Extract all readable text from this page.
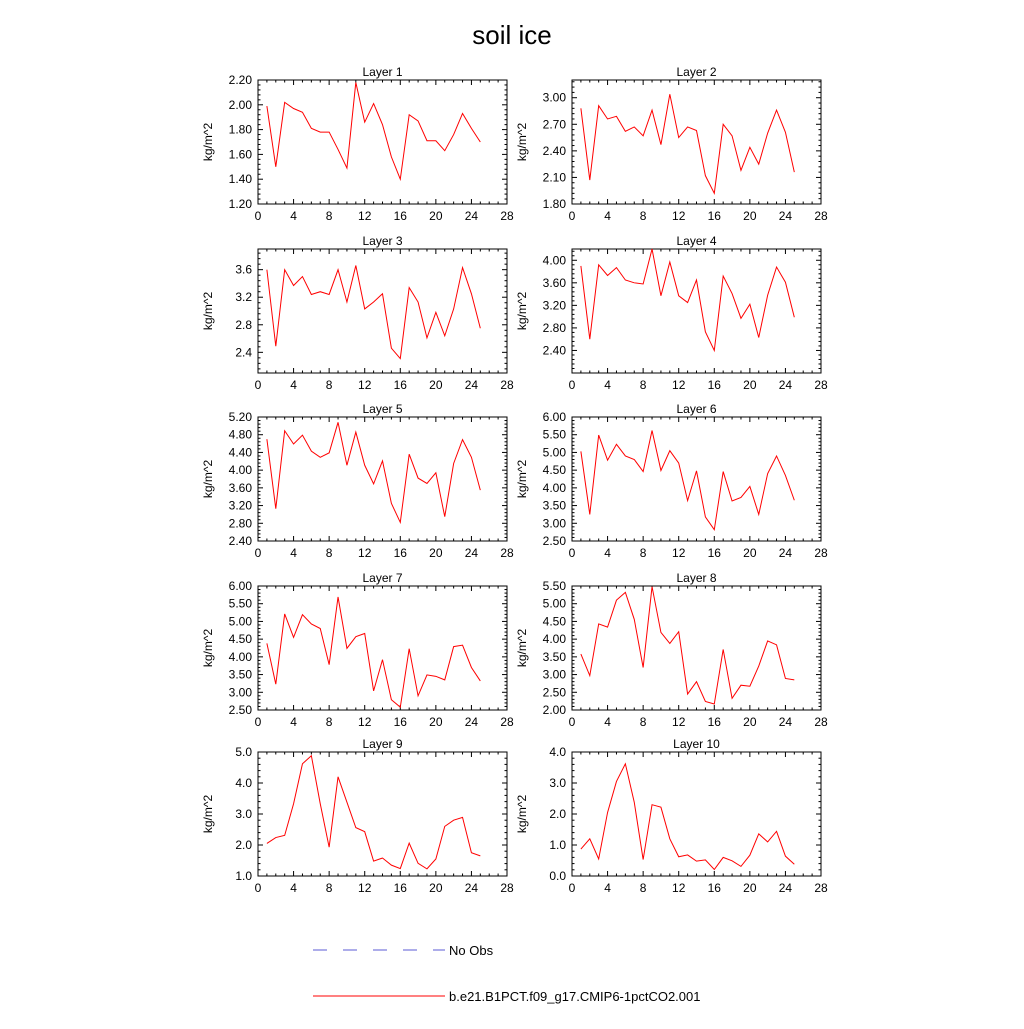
soil ice
Layer 1
kg/m^2
0 4 8 12 16 20 24 28
1.20
1.40
1.60
1.80
2.00
2.20
Layer 2
kg/m^2
0 4 8 12 16 20 24 28
1.80
2.10
2.40
2.70
3.00
Layer 3
kg/m^2
0 4 8 12 16 20 24 28
2.4
2.8
3.2
3.6
Layer 4
kg/m^2
0 4 8 12 16 20 24 28
2.40
2.80
3.20
3.60
4.00
Layer 5
kg/m^2
0 4 8 12 16 20 24 28
2.40
2.80
3.20
3.60
4.00
4.40
4.80
5.20
Layer 6
kg/m^2
0 4 8 12 16 20 24 28
2.50
3.00
3.50
4.00
4.50
5.00
5.50
6.00
Layer 7
kg/m^2
0 4 8 12 16 20 24 28
2.50
3.00
3.50
4.00
4.50
5.00
5.50
6.00
Layer 8
kg/m^2
0 4 8 12 16 20 24 28
2.00
2.50
3.00
3.50
4.00
4.50
5.00
5.50
Layer 9
kg/m^2
0 4 8 12 16 20 24 28
1.0
2.0
3.0
4.0
5.0
Layer 10
kg/m^2
0 4 8 12 16 20 24 28
0.0
1.0
2.0
3.0
4.0
No Obs
b.e21.B1PCT.f09_g17.CMIP6-1pctCO2.001
